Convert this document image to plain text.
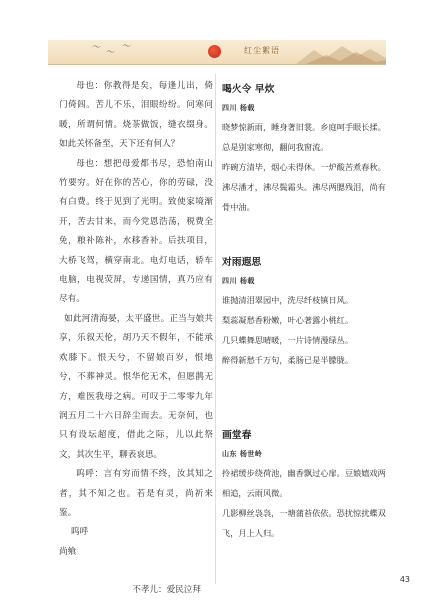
〜 〜
〜	红尘絮语

母也：你教得是矣，每逢儿出，倚门倚闾。苦儿不乐，泪眼纷纷。问寒问暖，所谓何情。烧茶做饭，缝衣缀身。如此关怀备至，天下还有何人？

母也：想把母爱都书尽，恐怕南山竹要穷。好在你的苦心，你的劳碌，没有白费。终于见到了光明。致使家境渐开，苦去甘来，而今党恩浩荡，税费全免，粮补陈补，水移香补。后扶项目，大桥飞驾，横穿南北。电灯电话，轿车电脑，电视荧屏，专递国情，真乃应有尽有。

如此河清海晏，太平盛世。正当与娘共享，乐叙天伦，胡乃天不假年，不能承欢膝下。恨天兮，不留娘百岁，恨地兮，不葬神灵。恨华佗无术，但愿鹊无方，难医我母之病。可叹于二零零九年润五月二十六日辞尘而去。无奈何，也只有设坛超度，借此之际，儿以此祭文，其次生平，聊表哀思。

呜呼：言有穷而情不终，汝其知之者，其不知之也。若是有灵，尚祈来鉴。

呜呼

尚飨

不孝儿：爱民泣拜

喝火令 早炊

四川 杨载

晓梦惊新雨，睡身著旧裳。乡庭呵手眼长揉。总是别家寒彻，翻问我窗流。

昨碗方清毕，烟心未得休。一炉酸苦煮春秋。沸尽潘才，沸尽鬓霜头。沸尽两腮残泪，尚有骨中油。

对雨遐思

四川 杨载

谁抛清泪翠园中，洗尽纤枝镇日风。

梨蕊凝愁香粉嫩，叶心著露小桃红。

几只蝶舞思晴暖，一片诗情漫绿丛。

醉得新愁千万句，柔肠已是半朦胧。

画堂春

山东 杨世岭

拎裙缓步绕荷池，幽香飘过心扉。豆娘嬉戏两相追，云雨风微。

几影柳丝袅袅，一塘蒲苔依依。恐扰惊扰蝶双飞，月上人归。

43
